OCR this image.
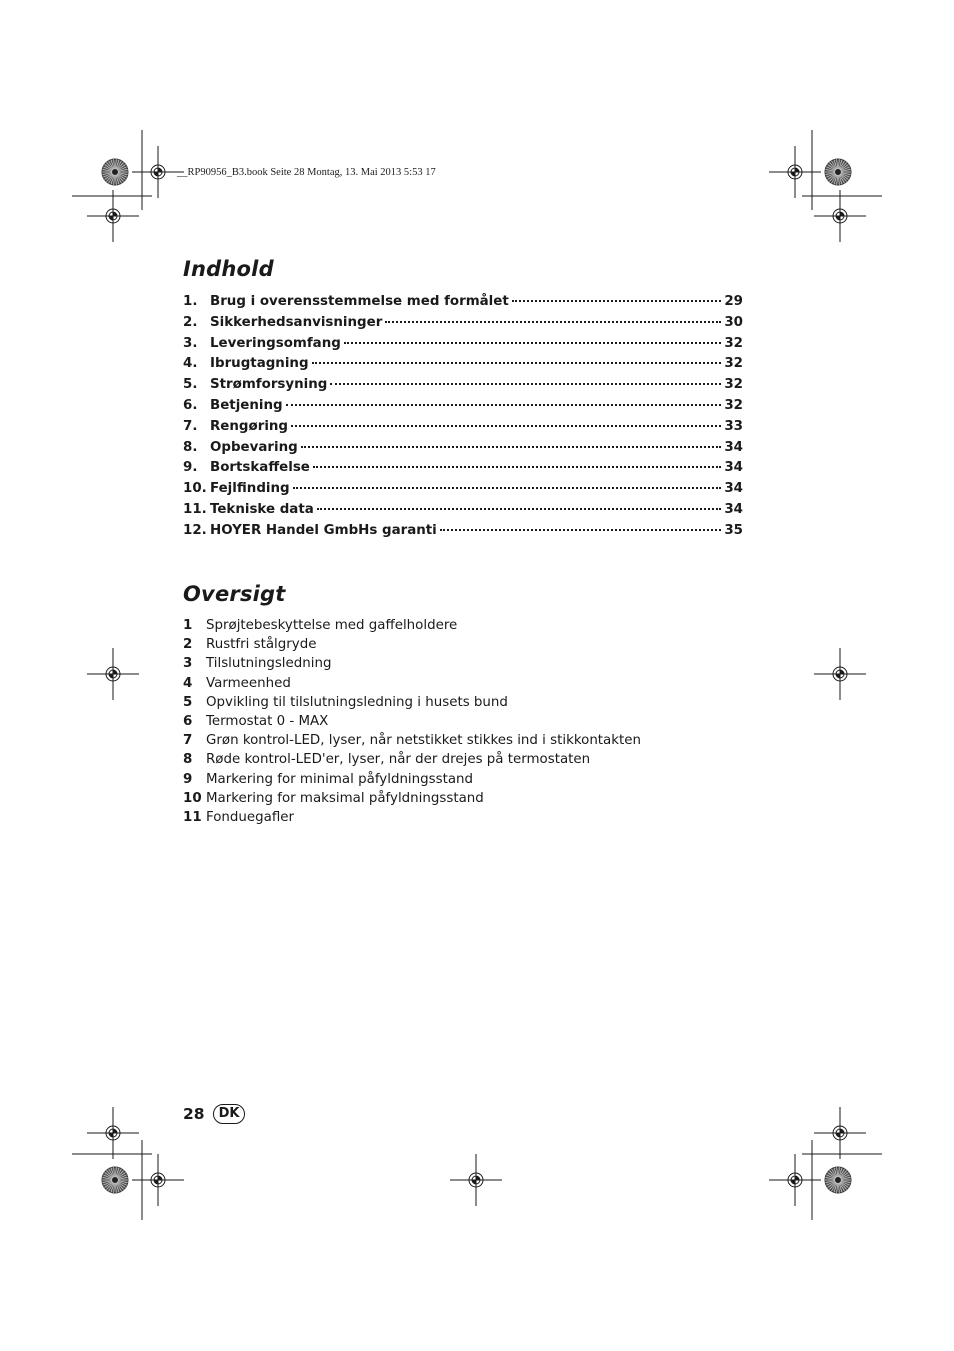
__RP90956_B3.book Seite 28 Montag, 13. Mai 2013 5:53 17
Indhold
1. Brug i overensstemmelse med formålet	29
2. Sikkerhedsanvisninger	30
3. Leveringsomfang	32
4. Ibrugtagning	32
5. Strømforsyning	32
6. Betjening	32
7. Rengøring	33
8. Opbevaring	34
9. Bortskaffelse	34
10. Fejlfinding	34
11. Tekniske data	34
12. HOYER Handel GmbHs garanti	35
Oversigt
1	Sprøjtebeskyttelse med gaffelholdere
2	Rustfri stålgryde
3	Tilslutningsledning
4	Varmeenhed
5	Opvikling til tilslutningsledning i husets bund
6	Termostat 0 - MAX
7	Grøn kontrol-LED, lyser, når netstikket stikkes ind i stikkontakten
8	Røde kontrol-LED'er, lyser, når der drejes på termostaten
9	Markering for minimal påfyldningsstand
10 Markering for maksimal påfyldningsstand
11 Fonduegafler
28	DK
